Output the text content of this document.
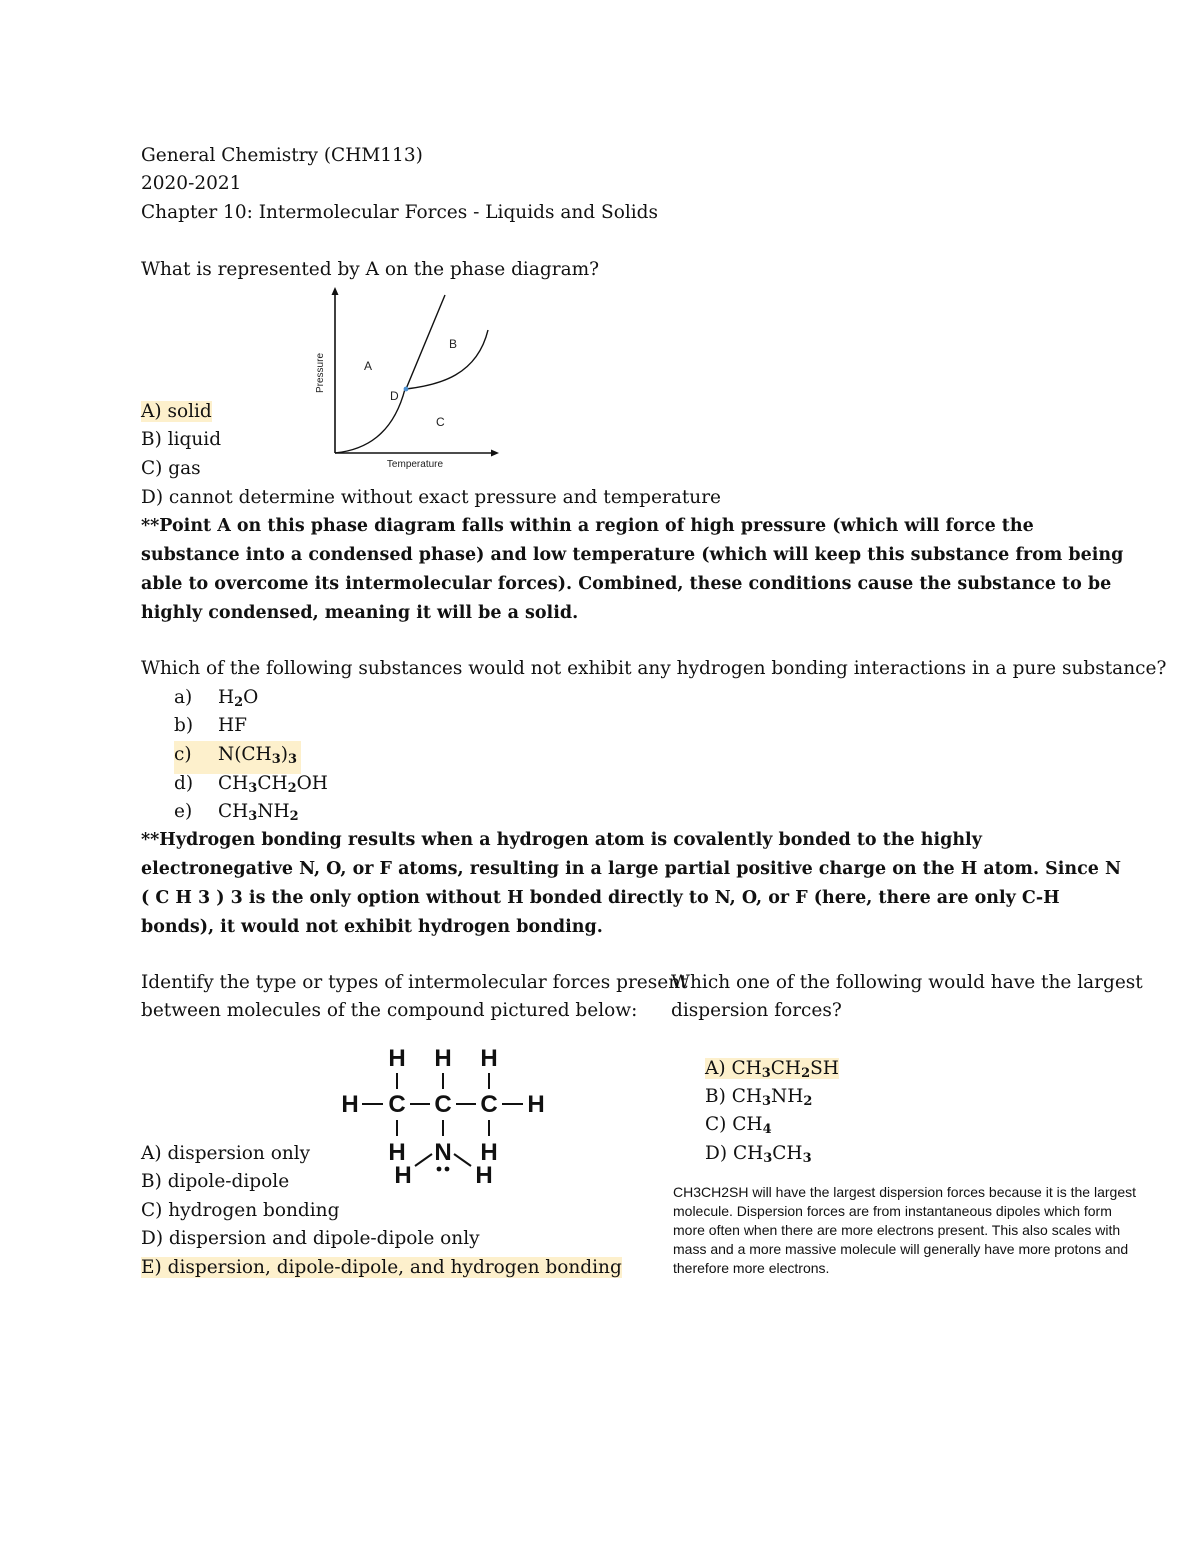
General Chemistry (CHM113)
2020-2021
Chapter 10: Intermolecular Forces - Liquids and Solids
What is represented by A on the phase diagram?
Pressure
Temperature
A
B
C
D
A) solid
B) liquid
C) gas
D) cannot determine without exact pressure and temperature
**Point A on this phase diagram falls within a region of high pressure (which will force the substance into a condensed phase) and low temperature (which will keep this substance from being able to overcome its intermolecular forces). Combined, these conditions cause the substance to be highly condensed, meaning it will be a solid.
Which of the following substances would not exhibit any hydrogen bonding interactions in a pure substance?
a) $H_2O$
b) HF
c) $N(CH_3)_3$
d) $CH_3CH_2OH$
e) $CH_3NH_2$
**Hydrogen bonding results when a hydrogen atom is covalently bonded to the highly electronegative N, O, or F atoms, resulting in a large partial positive charge on the H atom. Since N ( C H 3 ) 3 is the only option without H bonded directly to N, O, or F (here, there are only C-H bonds), it would not exhibit hydrogen bonding.
Identify the type or types of intermolecular forces present
between molecules of the compound pictured below:
H H H
H C C C H
H N H
H	H
A) dispersion only
B) dipole-dipole
C) hydrogen bonding
D) dispersion and dipole-dipole only
E) dispersion, dipole-dipole, and hydrogen bonding
Which one of the following would have the largest
dispersion forces?
A) $CH_3CH_2SH$
B) $CH_3NH_2$
C) $CH_4$
D) $CH_3CH_3$
CH3CH2SH will have the largest dispersion forces because it is the largest molecule. Dispersion forces are from instantaneous dipoles which form more often when there are more electrons present. This also scales with mass and a more massive molecule will generally have more protons and therefore more electrons.
